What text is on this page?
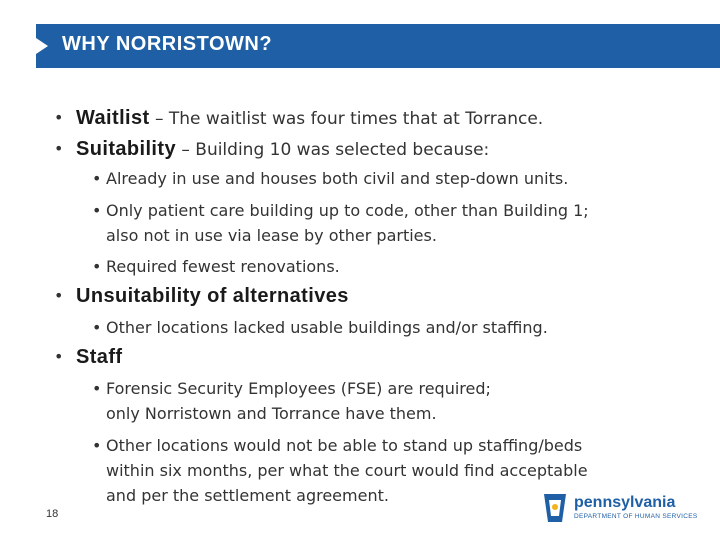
WHY NORRISTOWN?
• Waitlist – The waitlist was four times that at Torrance.
• Suitability – Building 10 was selected because:
• Already in use and houses both civil and step-down units.
• Only patient care building up to code, other than Building 1;
also not in use via lease by other parties.
• Required fewest renovations.
• Unsuitability of alternatives
• Other locations lacked usable buildings and/or staffing.
• Staff
• Forensic Security Employees (FSE) are required;
only Norristown and Torrance have them.
• Other locations would not be able to stand up staffing/beds
within six months, per what the court would find acceptable
and per the settlement agreement.
18
pennsylvania
DEPARTMENT OF HUMAN SERVICES
